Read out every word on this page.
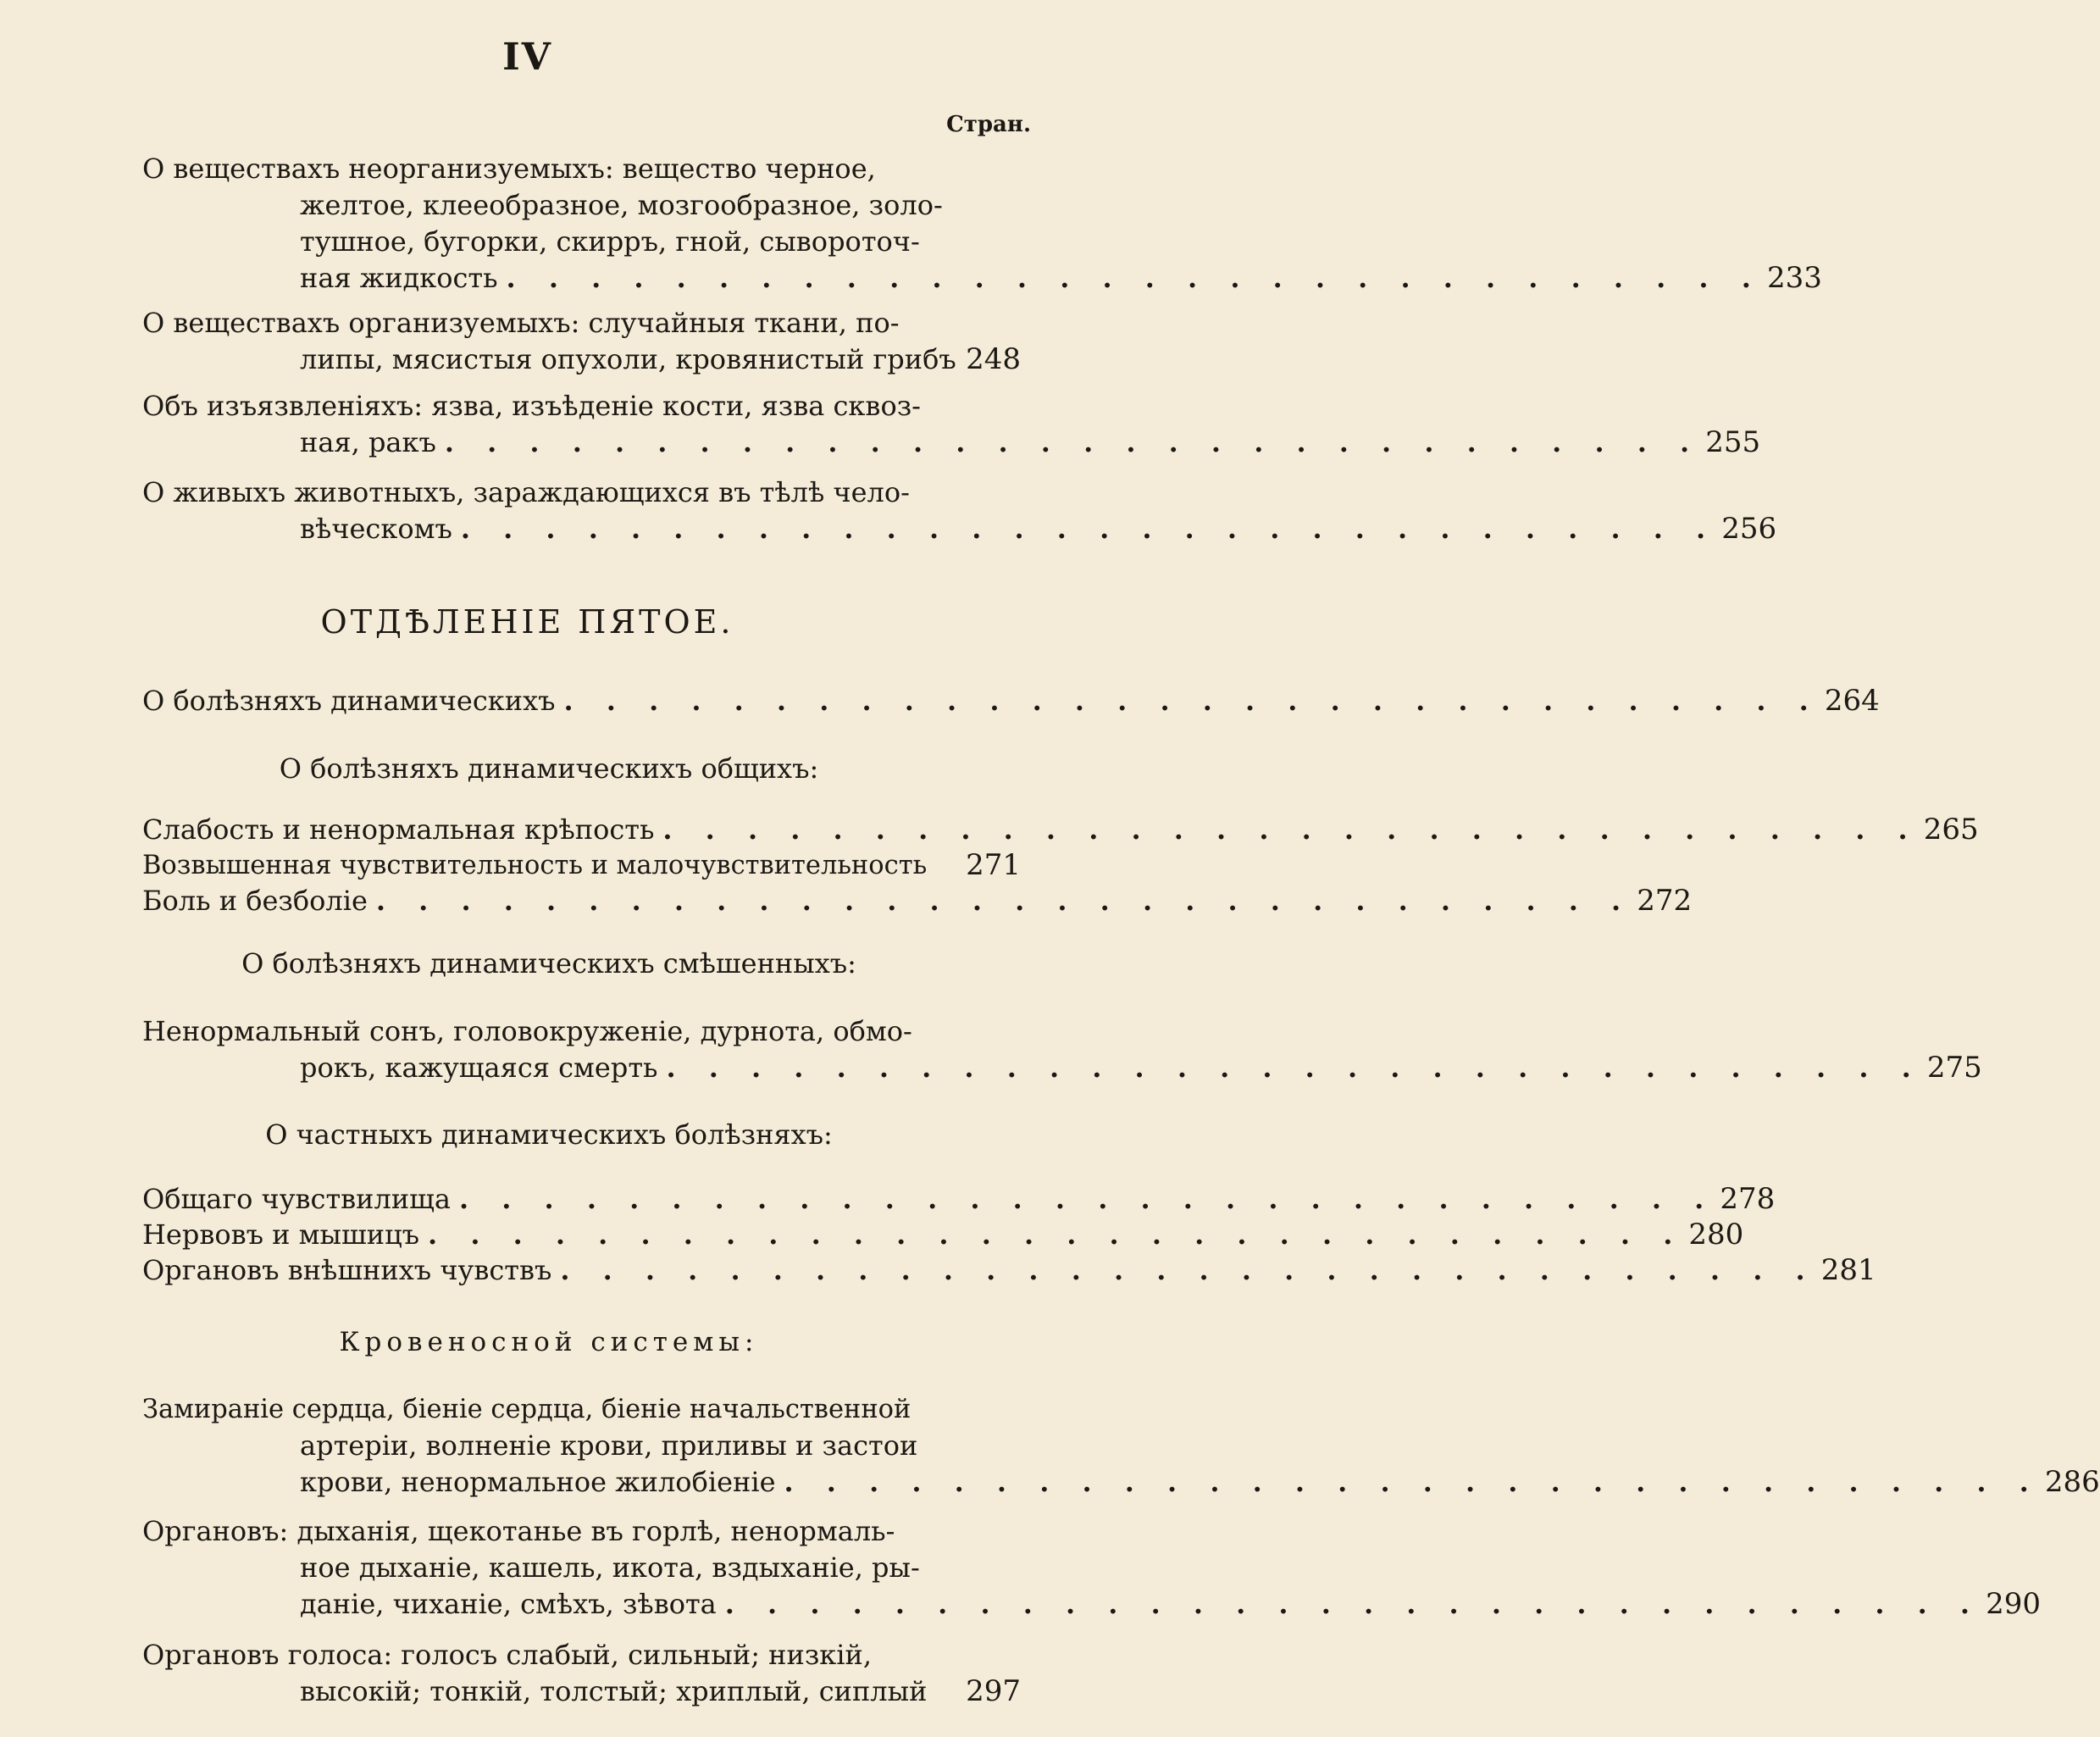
IV
Стран.
О веществахъ неорганизуемыхъ: вещество черное,
желтое, клееобразное, мозгообразное, золо-
тушное, бугорки, скирръ, гной, сывороточ-
ная жидкость . . . . . . . . . . . . . . . . . . . . . . . . . . . . . . 233
О веществахъ организуемыхъ: случайныя ткани, по-
липы, мясистыя опухоли, кровянистый грибъ 248
Объ изъязвленіяхъ: язва, изъѣденіе кости, язва сквоз-
ная, ракъ . . . . . . . . . . . . . . . . . . . . . . . . . . . . . . 255
О живыхъ животныхъ, зараждающихся въ тѣлѣ чело-
вѣческомъ . . . . . . . . . . . . . . . . . . . . . . . . . . . . . . 256
ОТДѢЛЕНІЕ ПЯТОЕ.
О болѣзняхъ динамическихъ . . . . . . . . . . . . . . . . . . . . . . . . . . . . . . 264
О болѣзняхъ динамическихъ общихъ:
Слабость и ненормальная крѣпость . . . . . . . . . . . . . . . . . . . . . . . . . . . . . . 265
Возвышенная чувствительность и малочувствительность 271
Боль и безболіе . . . . . . . . . . . . . . . . . . . . . . . . . . . . . . 272
О болѣзняхъ динамическихъ смѣшенныхъ:
Ненормальный сонъ, головокруженіе, дурнота, обмо-
рокъ, кажущаяся смерть . . . . . . . . . . . . . . . . . . . . . . . . . . . . . . 275
О частныхъ динамическихъ болѣзняхъ:
Общаго чувствилища . . . . . . . . . . . . . . . . . . . . . . . . . . . . . . 278
Нервовъ и мышицъ . . . . . . . . . . . . . . . . . . . . . . . . . . . . . . 280
Органовъ внѣшнихъ чувствъ . . . . . . . . . . . . . . . . . . . . . . . . . . . . . . 281
Кровеносной системы:
Замираніе сердца, біеніе сердца, біеніе начальственной
артеріи, волненіе крови, приливы и застои
крови, ненормальное жилобіеніе . . . . . . . . . . . . . . . . . . . . . . . . . . . . . . 286
Органовъ: дыханія, щекотанье въ горлѣ, ненормаль-
ное дыханіе, кашель, икота, вздыханіе, ры-
даніе, чиханіе, смѣхъ, зѣвота . . . . . . . . . . . . . . . . . . . . . . . . . . . . . . 290
Органовъ голоса: голосъ слабый, сильный; низкій,
высокій; тонкій, толстый; хриплый, сиплый 297
